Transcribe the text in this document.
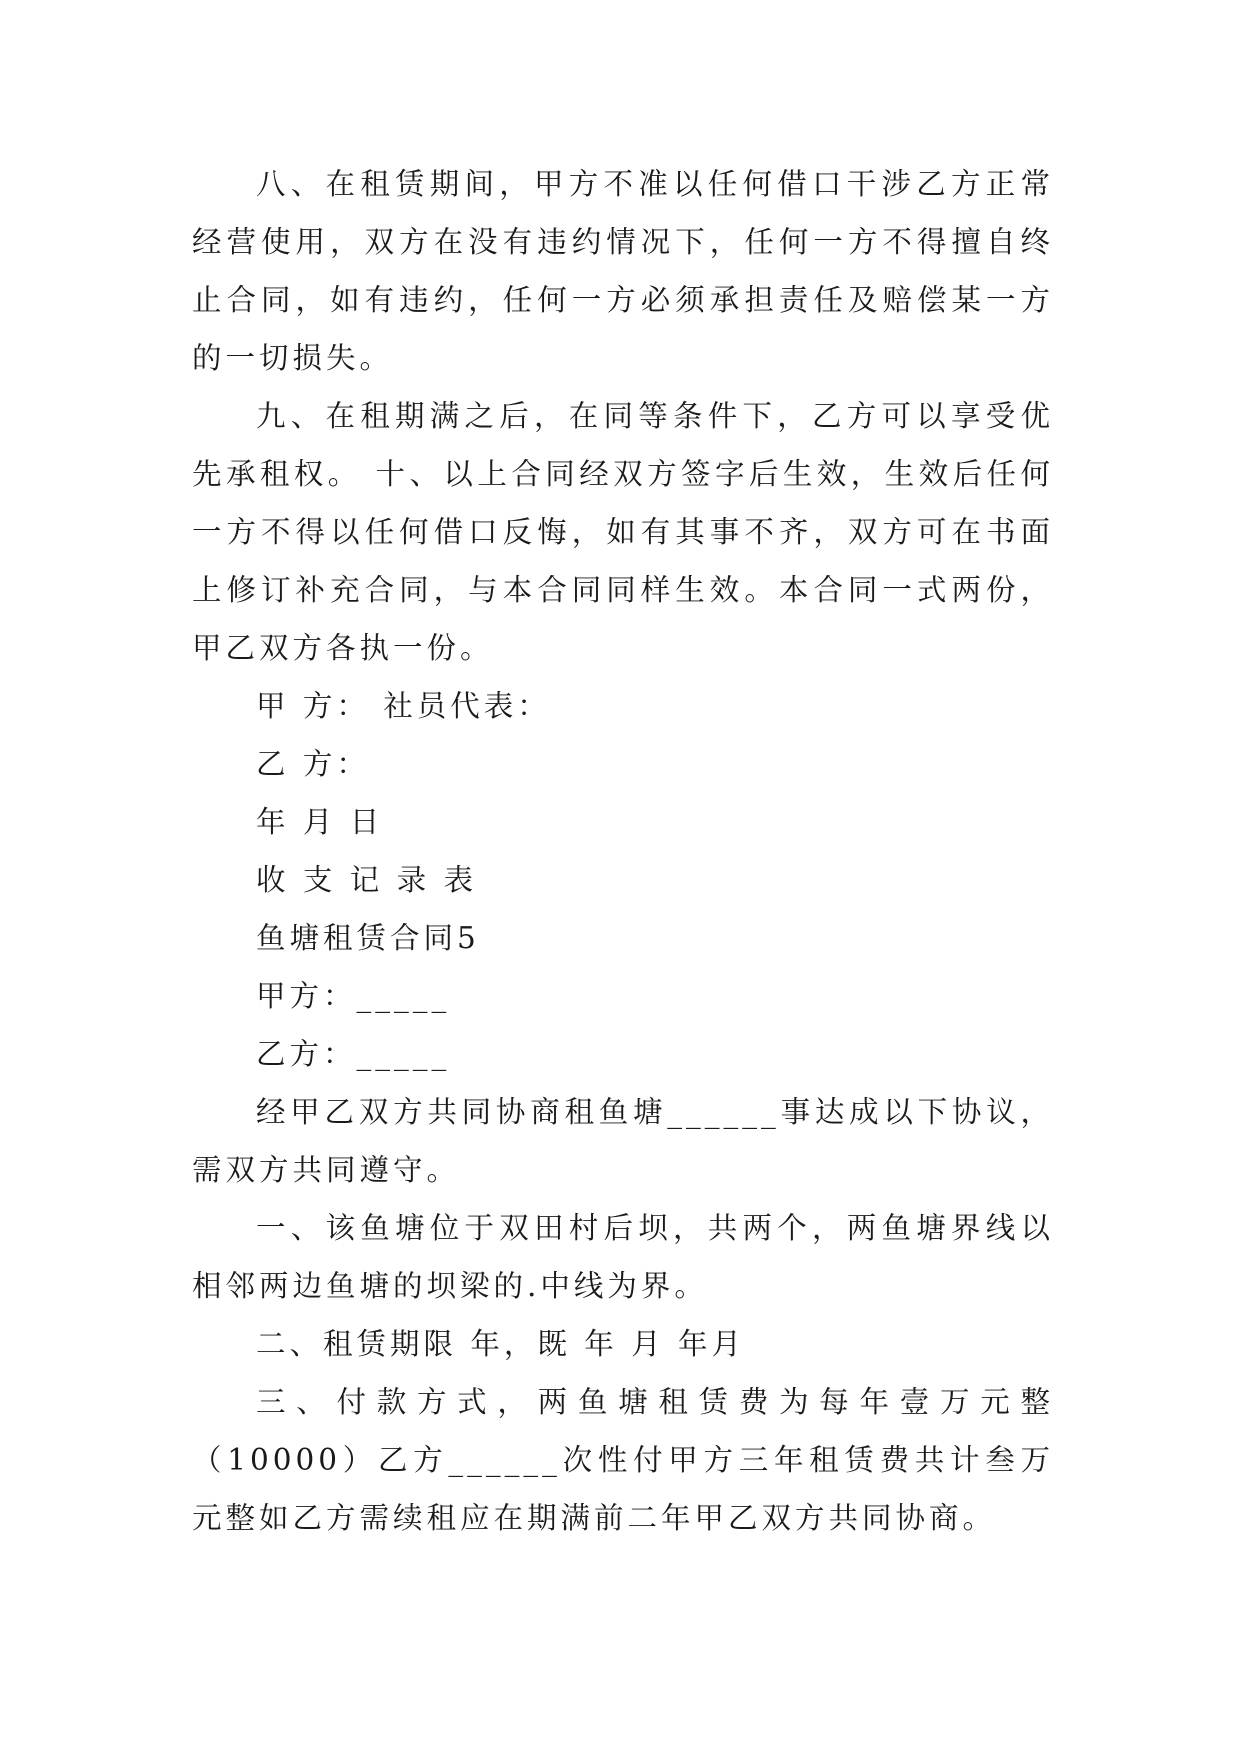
八、在租赁期间，甲方不准以任何借口干涉乙方正常经营使用，双方在没有违约情况下，任何一方不得擅自终止合同，如有违约，任何一方必须承担责任及赔偿某一方的一切损失。

九、在租期满之后，在同等条件下，乙方可以享受优先承租权。 十、以上合同经双方签字后生效，生效后任何一方不得以任何借口反悔，如有其事不齐，双方可在书面上修订补充合同，与本合同同样生效。本合同一式两份，甲乙双方各执一份。

甲 方： 社员代表：

乙 方：

年 月 日

收 支 记 录 表

鱼塘租赁合同5

甲方：_____

乙方：_____

经甲乙双方共同协商租鱼塘______事达成以下协议，需双方共同遵守。

一、该鱼塘位于双田村后坝，共两个，两鱼塘界线以相邻两边鱼塘的坝梁的.中线为界。

二、租赁期限 年，既 年 月 年月

三、付款方式，两鱼塘租赁费为每年壹万元整（10000）乙方______次性付甲方三年租赁费共计叁万元整如乙方需续租应在期满前二年甲乙双方共同协商。
